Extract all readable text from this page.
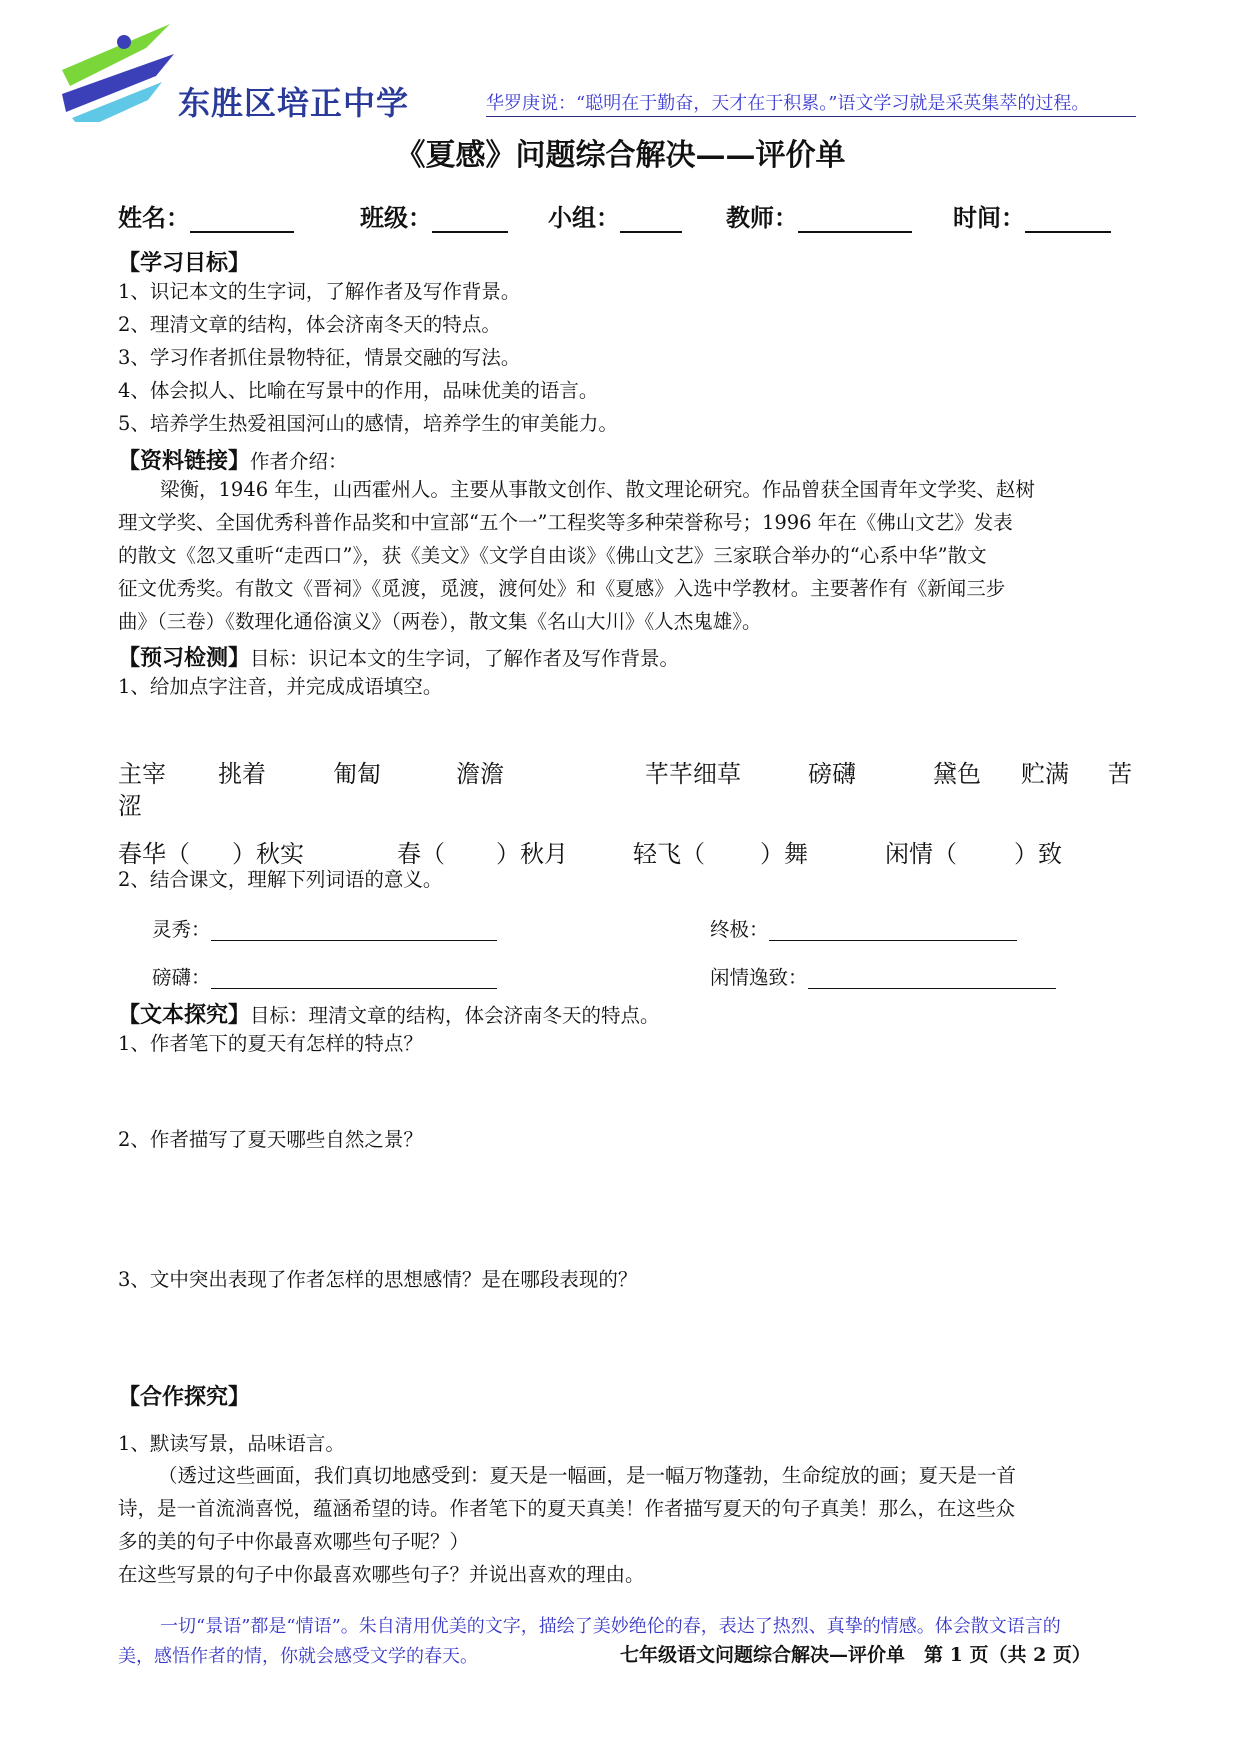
东胜区培正中学	华罗庚说：“聪明在于勤奋，天才在于积累。”语文学习就是采英集萃的过程。
《夏感》问题综合解决——评价单
姓名：	班级：	小组：	教师：	时间：
【学习目标】
1、识记本文的生字词，了解作者及写作背景。
2、理清文章的结构，体会济南冬天的特点。
3、学习作者抓住景物特征，情景交融的写法。
4、体会拟人、比喻在写景中的作用，品味优美的语言。
5、培养学生热爱祖国河山的感情，培养学生的审美能力。
【资料链接】作者介绍：
梁衡，1946 年生，山西霍州人。主要从事散文创作、散文理论研究。作品曾获全国青年文学奖、赵树
理文学奖、全国优秀科普作品奖和中宣部“五个一”工程奖等多种荣誉称号；1996 年在《佛山文艺》发表
的散文《忽又重听“走西口”》，获《美文》《文学自由谈》《佛山文艺》三家联合举办的“心系中华”散文
征文优秀奖。有散文《晋祠》《觅渡，觅渡，渡何处》和《夏感》入选中学教材。主要著作有《新闻三步
曲》（三卷）《数理化通俗演义》（两卷），散文集《名山大川》《人杰鬼雄》。
【预习检测】目标：识记本文的生字词，了解作者及写作背景。
1、给加点字注音，并完成成语填空。
主宰 挑着	匍匐	澹澹	芊芊细草	磅礴	黛色 贮满 苦
涩
春华（ ）秋实	春（ ）秋月	轻飞（ ）舞	闲情（ ）致
2、结合课文，理解下列词语的意义。
灵秀：	终极：
磅礴：	闲情逸致：
【文本探究】目标：理清文章的结构，体会济南冬天的特点。
1、作者笔下的夏天有怎样的特点？
2、作者描写了夏天哪些自然之景？
3、文中突出表现了作者怎样的思想感情？是在哪段表现的？
【合作探究】
1、默读写景，品味语言。
（透过这些画面，我们真切地感受到：夏天是一幅画，是一幅万物蓬勃，生命绽放的画；夏天是一首
诗，是一首流淌喜悦，蕴涵希望的诗。作者笔下的夏天真美！作者描写夏天的句子真美！那么，在这些众
多的美的句子中你最喜欢哪些句子呢？）
在这些写景的句子中你最喜欢哪些句子？并说出喜欢的理由。
一切“景语”都是“情语”。朱自清用优美的文字，描绘了美妙绝伦的春，表达了热烈、真挚的情感。体会散文语言的
美，感悟作者的情，你就会感受文学的春天。	七年级语文问题综合解决—评价单　第 1 页（共 2 页）
